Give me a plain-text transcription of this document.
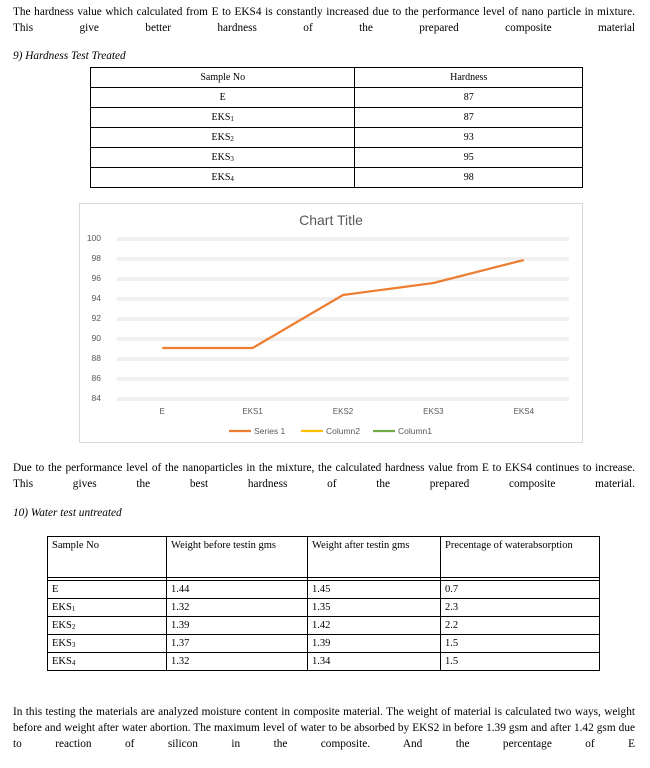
The hardness value which calculated from E to EKS4 is constantly increased due to the performance level of nano particle in mixture. This give better hardness of the prepared composite material
9) Hardness Test Treated
Sample No	Hardness
E	87
$EKS_1$	87
$EKS_2$	93
$EKS_3$	95
$EKS_4$	98
Chart Title
84
86
88
90
92
94
96
98
100
E	EKS1	EKS2	EKS3	EKS4
Series 1	Column2	Column1
Due to the performance level of the nanoparticles in the mixture, the calculated hardness value from E to EKS4 continues to increase. This gives the best hardness of the prepared composite material.
10) Water test untreated
Sample No	Weight before testin gms	Weight after testin gms	Precentage of waterabsorption

E	1.44	1.45	0.7
$EKS_1$	1.32	1.35	2.3
$EKS_2$	1.39	1.42	2.2
$EKS_3$	1.37	1.39	1.5
$EKS_4$	1.32	1.34	1.5
In this testing the materials are analyzed moisture content in composite material. The weight of material is calculated two ways, weight before and weight after water abortion. The maximum level of water to be absorbed by EKS2 in before 1.39 gsm and after 1.42 gsm due to reaction of silicon in the composite. And the percentage of E
